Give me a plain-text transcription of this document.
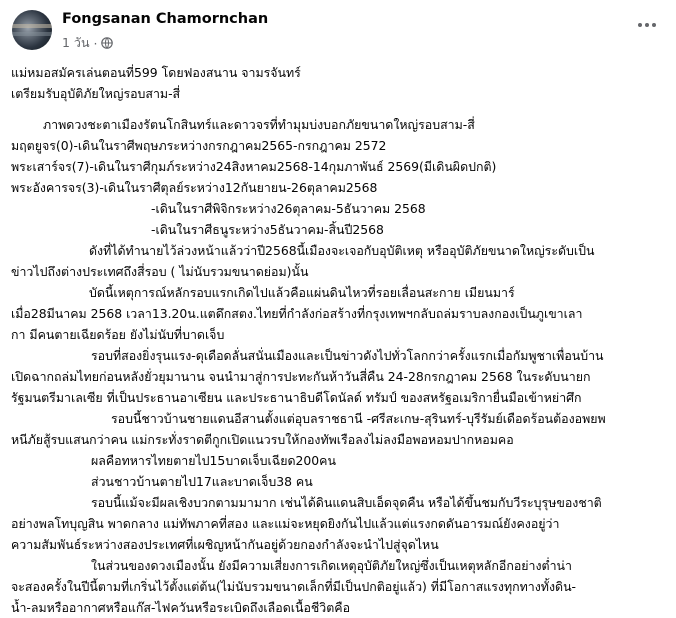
Fongsanan Chamornchan
1 วัน ·
แม่หมอสมัครเล่นตอนที่599 โดยฟองสนาน จามรจันทร์
เตรียมรับอุบัติภัยใหญ่รอบสาม-สี่
ภาพดวงชะตาเมืองรัตนโกสินทร์และดาวจรที่ทำมุมบ่งบอกภัยขนาดใหญ่รอบสาม-สี่
มฤตยูจร(0)-เดินในราศีพฤษภระหว่างกรกฎาคม2565-กรกฎาคม 2572
พระเสาร์จร(7)-เดินในราศีกุมภ์ระหว่าง24สิงหาคม2568-14กุมภาพันธ์ 2569(มีเดินผิดปกติ)
พระอังคารจร(3)-เดินในราศีตุลย์ระหว่าง12กันยายน-26ตุลาคม2568
-เดินในราศีพิจิกระหว่าง26ตุลาคม-5ธันวาคม 2568
-เดินในราศีธนูระหว่าง5ธันวาคม-สิ้นปี2568
ดังที่ได้ทำนายไว้ล่วงหน้าแล้วว่าปี2568นี้เมืองจะเจอกับอุบัติเหตุ หรืออุบัติภัยขนาดใหญ่ระดับเป็น
ข่าวไปถึงต่างประเทศถึงสี่รอบ ( ไม่นับรวมขนาดย่อม)นั้น
บัดนี้เหตุการณ์หลักรอบแรกเกิดไปแล้วคือแผ่นดินไหวที่รอยเลื่อนสะกาย เมียนมาร์
เมื่อ28มีนาคม 2568 เวลา13.20น.แตดึกสตง.ไทยที่กำลังก่อสร้างที่กรุงเทพฯกลับถล่มราบลงกองเป็นภูเขาเลา
กา มีคนตายเฉียดร้อย ยังไม่นับที่บาดเจ็บ
รอบที่สองยิ่งรุนแรง-ดุเดือดลั่นสนั่นเมืองและเป็นข่าวดังไปทั่วโลกกว่าครั้งแรกเมื่อกัมพูชาเพื่อนบ้าน
เปิดฉากถล่มไทยก่อนหลังยั่วยุมานาน จนนำมาสู่การปะทะกันห้าวันสี่คืน 24-28กรกฎาคม 2568 ในระดับนายก
รัฐมนตรีมาเลเซีย ที่เป็นประธานอาเซียน และประธานาธิบดีโดนัลด์ ทรัมป์ ของสหรัฐอเมริกายื่นมือเข้าหย่าศึก
รอบนี้ชาวบ้านชายแดนอีสานตั้งแต่อุบลราชธานี -ศรีสะเกษ-สุรินทร์-บุรีรัมย์เดือดร้อนต้องอพยพ
หนีภัยสู้รบแสนกว่าคน แม่กระทั่งราดตีกูกเปิดแนวรบให้กองทัพเรือลงไม่ลงมือพอหอมปากหอมคอ
ผลคือทหารไทยตายไป15บาดเจ็บเฉียด200คน
ส่วนชาวบ้านตายไป17และบาดเจ็บ38 คน
รอบนี้แม้จะมีผลเชิงบวกตามมามาก เช่นได้ดินแดนสิบเอ็ดจุดคืน หรือได้ขึ้นชมกับวีระบุรุษของชาติ
อย่างพลโทบุญสิน พาดกลาง แม่ทัพภาคที่สอง และแม่จะหยุดยิงกันไปแล้วแต่แรงกดดันอารมณ์ยังคงอยู่ว่า
ความสัมพันธ์ระหว่างสองประเทศที่เผชิญหน้ากันอยู่ด้วยกองกำลังจะนำไปสู่จุดไหน
ในส่วนของดวงเมืองนั้น ยังมีความเสี่ยงการเกิดเหตุอุบัติภัยใหญ่ซึ่งเป็นเหตุหลักอีกอย่างต่ำน่า
จะสองครั้งในปีนี้ตามที่เกริ่นไว้ตั้งแต่ต้น(ไม่นับรวมขนาดเล็กที่มีเป็นปกติอยู่แล้ว) ที่มีโอกาสแรงทุกทางทั้งดิน-
น้ำ-ลมหรืออากาศหรือแก๊ส-ไฟควันหรือระเบิดถึงเลือดเนื้อชีวิตคือ
